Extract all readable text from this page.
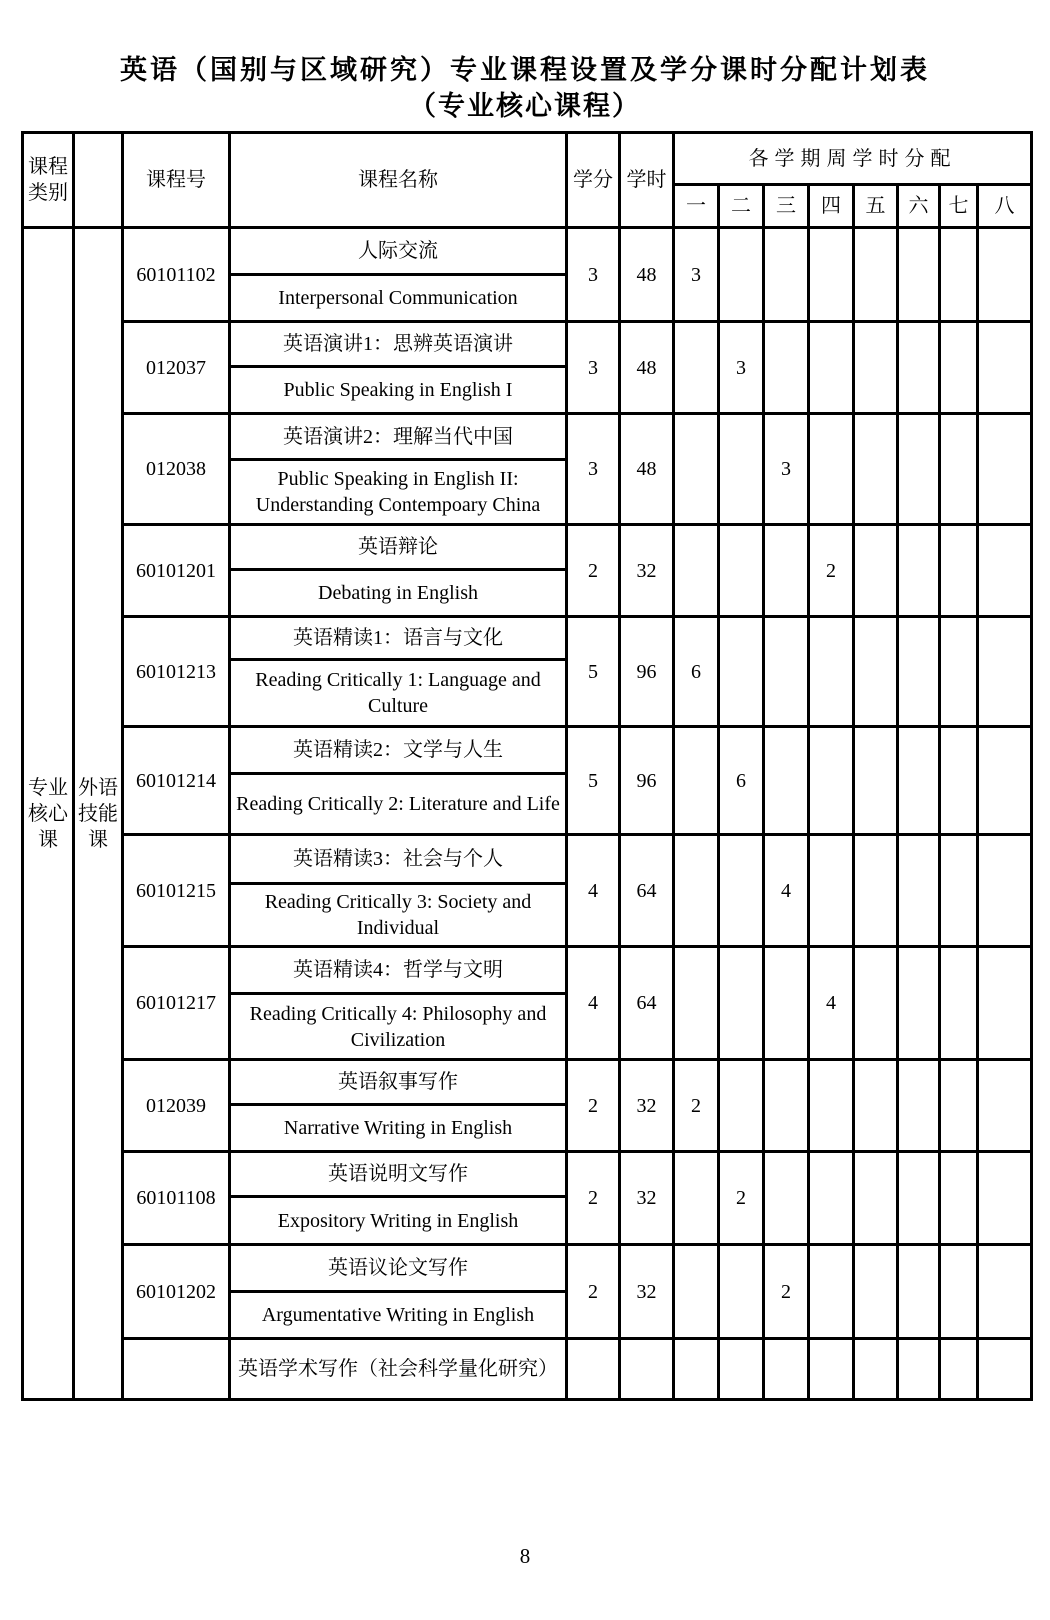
英语（国别与区域研究）专业课程设置及学分课时分配计划表
（专业核心课程）
课程类别		课程号	课程名称	学分	学时	各学期周学时分配							
						一	二	三	四	五	六	七	八

专业核心课	外语技能课	60101102	人际交流	3	48	3							
			Interpersonal Communication										
		012037	英语演讲1：思辨英语演讲	3	48		3						
			Public Speaking in English I										
		012038	英语演讲2：理解当代中国	3	48			3					
			Public Speaking in English II: Understanding Contempoary China										
		60101201	英语辩论	2	32				2				
			Debating in English										
		60101213	英语精读1：语言与文化	5	96	6							
			Reading Critically 1: Language and Culture										
		60101214	英语精读2：文学与人生	5	96		6						
			Reading Critically 2: Literature and Life										
		60101215	英语精读3：社会与个人	4	64			4					
			Reading Critically 3: Society and Individual										
		60101217	英语精读4：哲学与文明	4	64				4				
			Reading Critically 4: Philosophy and Civilization										
		012039	英语叙事写作	2	32	2							
			Narrative Writing in English										
		60101108	英语说明文写作	2	32		2						
			Expository Writing in English										
		60101202	英语议论文写作	2	32			2					
			Argumentative Writing in English										
			英语学术写作（社会科学量化研究）										
8
